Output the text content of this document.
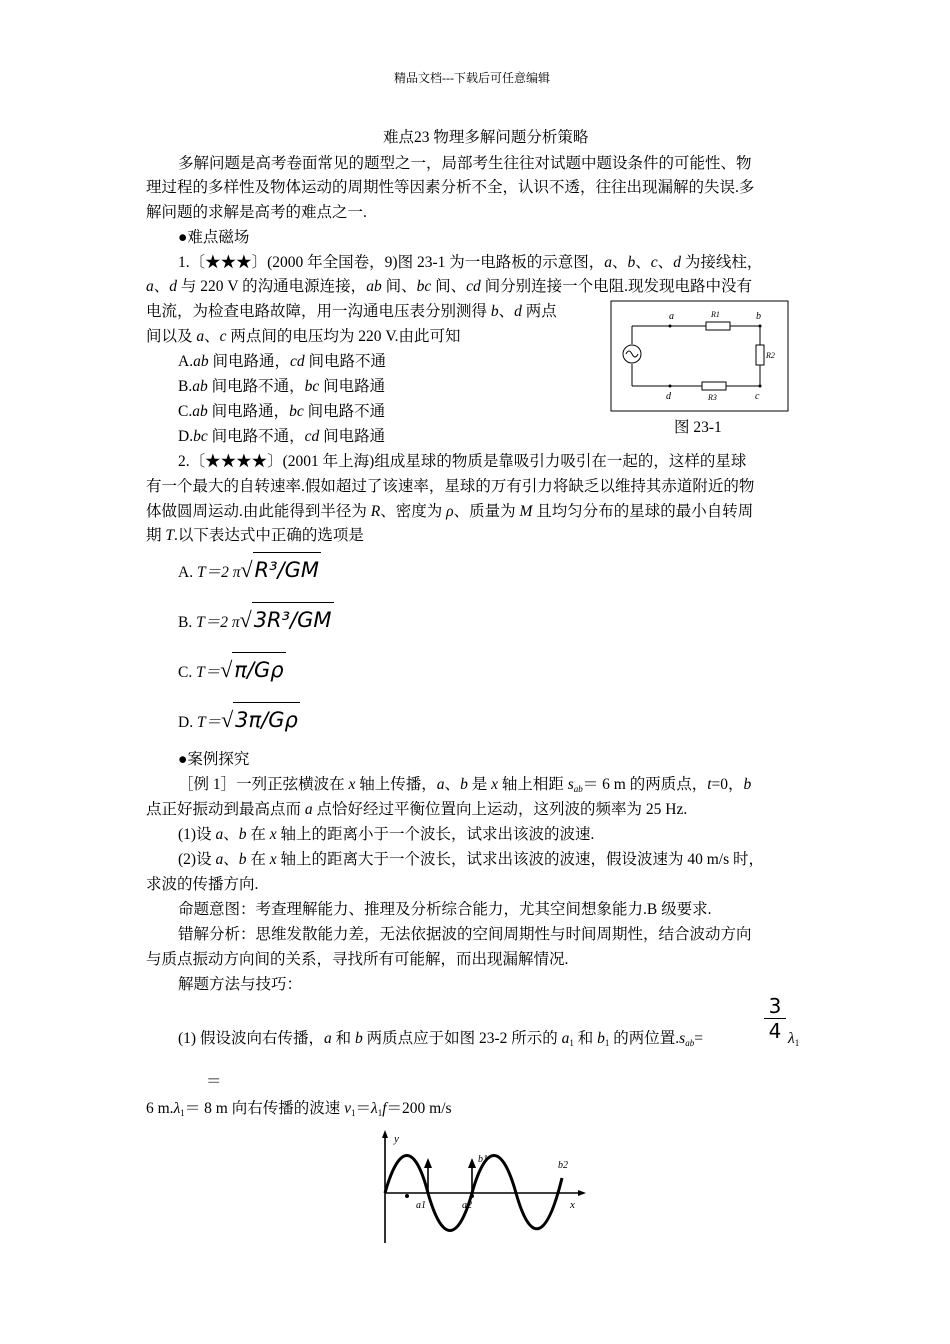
精品文档---下载后可任意编辑
难点23 物理多解问题分析策略
多解问题是高考卷面常见的题型之一，局部考生往往对试题中题设条件的可能性、物
理过程的多样性及物体运动的周期性等因素分析不全，认识不透，往往出现漏解的失误.多
解问题的求解是高考的难点之一.
●难点磁场
1.〔★★★〕(2000 年全国卷，9)图 23-1 为一电路板的示意图，a、b、c、d 为接线柱，
a、d 与 220 V 的沟通电源连接，ab 间、bc 间、cd 间分别连接一个电阻.现发现电路中没有
电流，为检查电路故障，用一沟通电压表分别测得 b、d 两点
间以及 a、c 两点间的电压均为 220 V.由此可知
A.ab 间电路通，cd 间电路不通
B.ab 间电路不通，bc 间电路通
C.ab 间电路通，bc 间电路不通
D.bc 间电路不通，cd 间电路通
a	b
c
d
R1
R2
R3
图 23-1
2.〔★★★★〕(2001 年上海)组成星球的物质是靠吸引力吸引在一起的，这样的星球
有一个最大的自转速率.假如超过了该速率，星球的万有引力将缺乏以维持其赤道附近的物
体做圆周运动.由此能得到半径为 R、密度为 ρ、质量为 M 且均匀分布的星球的最小自转周
期 T.以下表达式中正确的选项是
A. T＝2 π√R³/GM
B. T＝2 π√3R³/GM
C. T＝√π/Gρ
D. T＝√3π/Gρ
●案例探究
［例 1］一列正弦横波在 x 轴上传播，a、b 是 x 轴上相距 $s_{ab}= 6$ m 的两质点，t=0，b
点正好振动到最高点而 a 点恰好经过平衡位置向上运动，这列波的频率为 25 Hz.
(1)设 a、b 在 x 轴上的距离小于一个波长，试求出该波的波速.
(2)设 a、b 在 x 轴上的距离大于一个波长，试求出该波的波速，假设波速为 40 m/s 时，
求波的传播方向.
命题意图：考查理解能力、推理及分析综合能力，尤其空间想象能力.B 级要求.
错解分析：思维发散能力差，无法依据波的空间周期性与时间周期性，结合波动方向
与质点振动方向间的关系，寻找所有可能解，而出现漏解情况.
解题方法与技巧：
$\frac{3}{4}$
(1) 假设波向右传播，a 和 b 两质点应于如图 23-2 所示的 $a_1$ 和 $b_1$ 的两位置$.s_{ab}=$	$\lambda_1$
＝
6 $m.\lambda_1= 8$ m 向右传播的波速 $v_1=\lambda_1f=200$ m/s
y
x
a1	a2
b1
b2
